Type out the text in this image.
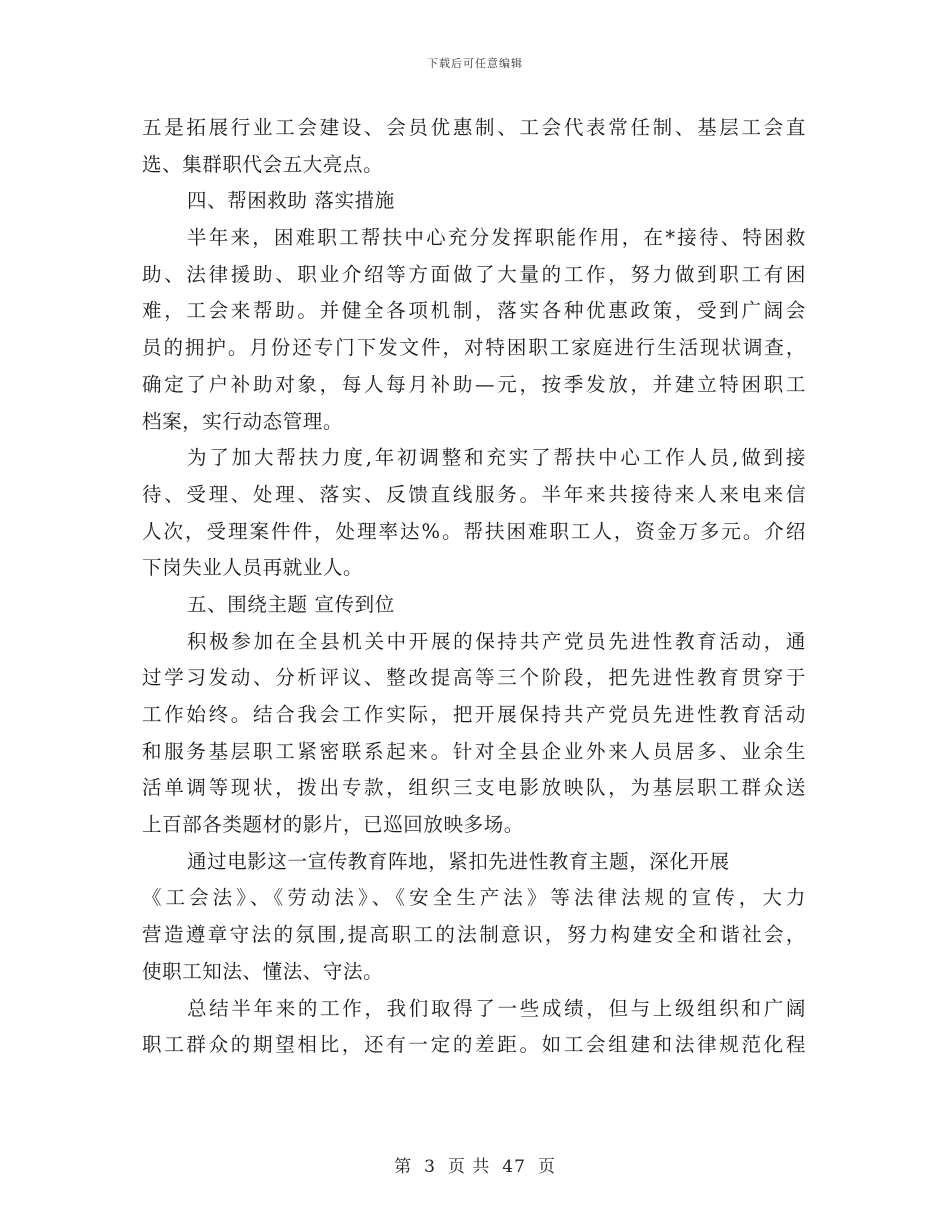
下载后可任意编辑
五是拓展行业工会建设、会员优惠制、工会代表常任制、基层工会直
选、集群职代会五大亮点。
四、帮困救助 落实措施
半年来，困难职工帮扶中心充分发挥职能作用，在*接待、特困救
助、法律援助、职业介绍等方面做了大量的工作，努力做到职工有困
难，工会来帮助。并健全各项机制，落实各种优惠政策，受到广阔会
员的拥护。月份还专门下发文件，对特困职工家庭进行生活现状调查，
确定了户补助对象，每人每月补助—元，按季发放，并建立特困职工
档案，实行动态管理。
为了加大帮扶力度,年初调整和充实了帮扶中心工作人员,做到接
待、受理、处理、落实、反馈直线服务。半年来共接待来人来电来信
人次，受理案件件，处理率达%。帮扶困难职工人，资金万多元。介绍
下岗失业人员再就业人。
五、围绕主题 宣传到位
积极参加在全县机关中开展的保持共产党员先进性教育活动，通
过学习发动、分析评议、整改提高等三个阶段，把先进性教育贯穿于
工作始终。结合我会工作实际，把开展保持共产党员先进性教育活动
和服务基层职工紧密联系起来。针对全县企业外来人员居多、业余生
活单调等现状，拨出专款，组织三支电影放映队，为基层职工群众送
上百部各类题材的影片，已巡回放映多场。
通过电影这一宣传教育阵地，紧扣先进性教育主题，深化开展
《工会法》、《劳动法》、《安全生产法》等法律法规的宣传，大力
营造遵章守法的氛围,提高职工的法制意识，努力构建安全和谐社会，
使职工知法、懂法、守法。
总结半年来的工作，我们取得了一些成绩，但与上级组织和广阔
职工群众的期望相比，还有一定的差距。如工会组建和法律规范化程
第 3 页 共 47 页
